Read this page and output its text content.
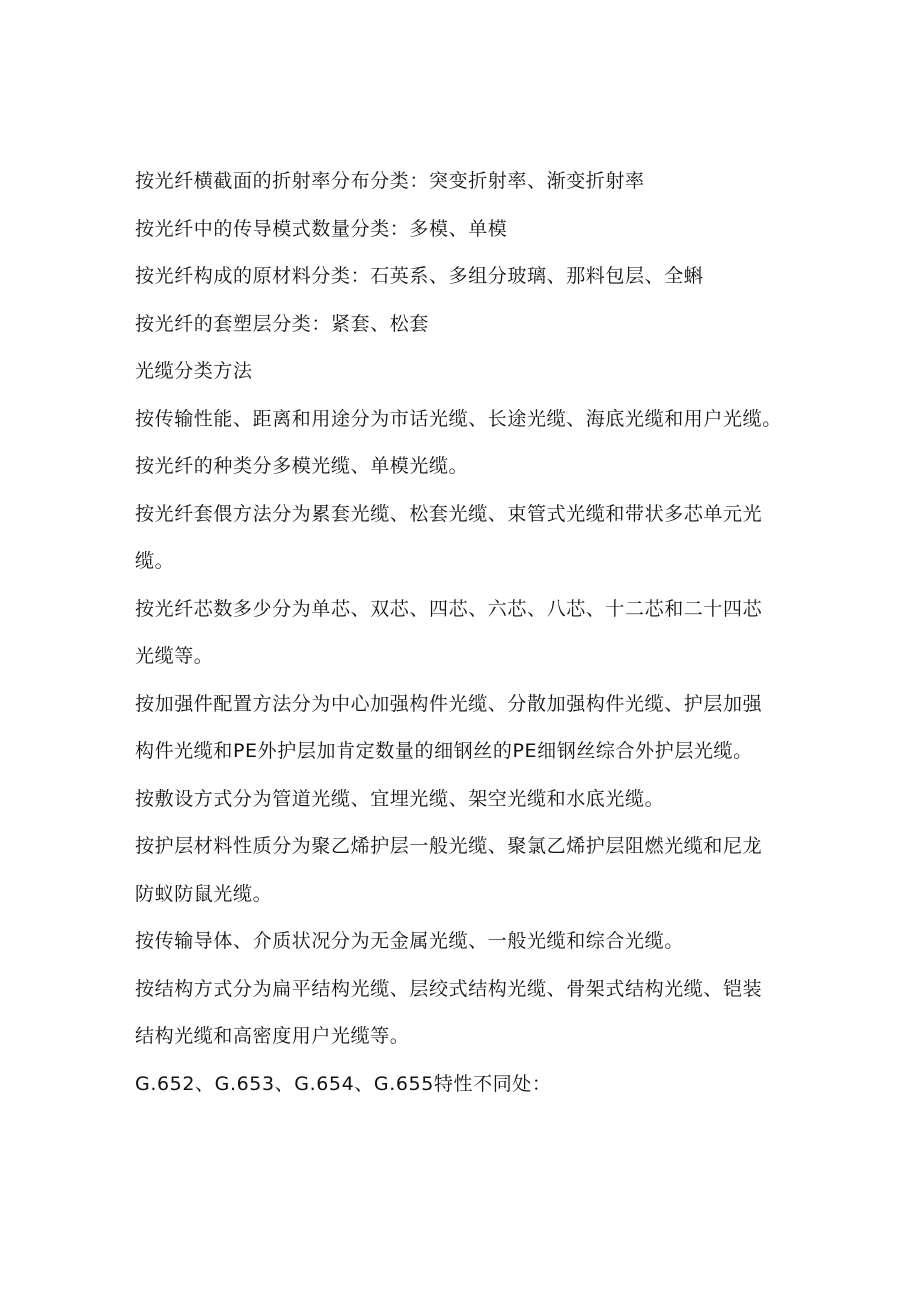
按光纤横截面的折射率分布分类：突变折射率、渐变折射率
按光纤中的传导模式数量分类：多模、单模
按光纤构成的原材料分类：石英系、多组分玻璃、那料包层、全蝌
按光纤的套塑层分类：紧套、松套
光缆分类方法
按传输性能、距离和用途分为市话光缆、长途光缆、海底光缆和用户光缆。
按光纤的种类分多模光缆、单模光缆。
按光纤套偎方法分为累套光缆、松套光缆、束管式光缆和带状多芯单元光
缆。
按光纤芯数多少分为单芯、双芯、四芯、六芯、八芯、十二芯和二十四芯
光缆等。
按加强件配置方法分为中心加强构件光缆、分散加强构件光缆、护层加强
构件光缆和PE外护层加肯定数量的细钢丝的PE细钢丝综合外护层光缆。
按敷设方式分为管道光缆、宜埋光缆、架空光缆和水底光缆。
按护层材料性质分为聚乙烯护层一般光缆、聚氯乙烯护层阻燃光缆和尼龙
防蚁防鼠光缆。
按传输导体、介质状况分为无金属光缆、一般光缆和综合光缆。
按结构方式分为扁平结构光缆、层绞式结构光缆、骨架式结构光缆、铠装
结构光缆和高密度用户光缆等。
G.652、G.653、G.654、G.655特性不同处：
